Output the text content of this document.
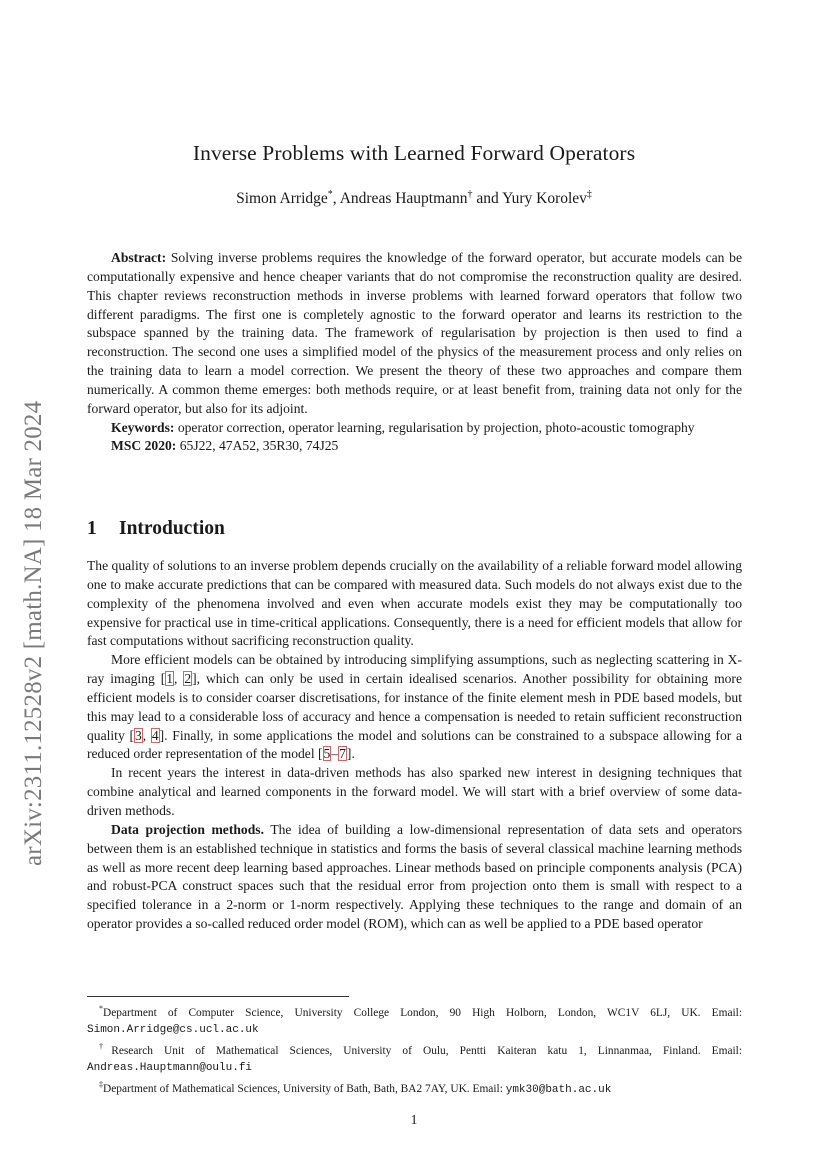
arXiv:2311.12528v2 [math.NA] 18 Mar 2024
Inverse Problems with Learned Forward Operators
Simon Arridge*, Andreas Hauptmann† and Yury Korolev‡

Abstract: Solving inverse problems requires the knowledge of the forward operator, but accurate models can be computationally expensive and hence cheaper variants that do not compromise the reconstruction quality are desired. This chapter reviews reconstruction methods in inverse problems with learned forward operators that follow two different paradigms. The first one is completely agnostic to the forward operator and learns its restriction to the subspace spanned by the training data. The framework of regularisation by projection is then used to find a reconstruction. The second one uses a simplified model of the physics of the measurement process and only relies on the training data to learn a model correction. We present the theory of these two approaches and compare them numerically. A common theme emerges: both methods require, or at least benefit from, training data not only for the forward operator, but also for its adjoint.

Keywords: operator correction, operator learning, regularisation by projection, photo-acoustic tomography

MSC 2020: 65J22, 47A52, 35R30, 74J25

1 Introduction

The quality of solutions to an inverse problem depends crucially on the availability of a reliable forward model allowing one to make accurate predictions that can be compared with measured data. Such models do not always exist due to the complexity of the phenomena involved and even when accurate models exist they may be computationally too expensive for practical use in time-critical applications. Consequently, there is a need for efficient models that allow for fast computations without sacrificing reconstruction quality.

More efficient models can be obtained by introducing simplifying assumptions, such as neglecting scattering in X-ray imaging [1, 2], which can only be used in certain idealised scenarios. Another possibility for obtaining more efficient models is to consider coarser discretisations, for instance of the finite element mesh in PDE based models, but this may lead to a considerable loss of accuracy and hence a compensation is needed to retain sufficient reconstruction quality [3, 4]. Finally, in some applications the model and solutions can be constrained to a subspace allowing for a reduced order representation of the model [5–7].

In recent years the interest in data-driven methods has also sparked new interest in designing techniques that combine analytical and learned components in the forward model. We will start with a brief overview of some data-driven methods.

Data projection methods. The idea of building a low-dimensional representation of data sets and operators between them is an established technique in statistics and forms the basis of several classical machine learning methods as well as more recent deep learning based approaches. Linear methods based on principle components analysis (PCA) and robust-PCA construct spaces such that the residual error from projection onto them is small with respect to a specified tolerance in a 2-norm or 1-norm respectively. Applying these techniques to the range and domain of an operator provides a so-called reduced order model (ROM), which can as well be applied to a PDE based operator

*Department of Computer Science, University College London, 90 High Holborn, London, WC1V 6LJ, UK. Email: Simon.Arridge@cs.ucl.ac.uk

†Research Unit of Mathematical Sciences, University of Oulu, Pentti Kaiteran katu 1, Linnanmaa, Finland. Email: Andreas.Hauptmann@oulu.fi

‡Department of Mathematical Sciences, University of Bath, Bath, BA2 7AY, UK. Email: ymk30@bath.ac.uk

1
